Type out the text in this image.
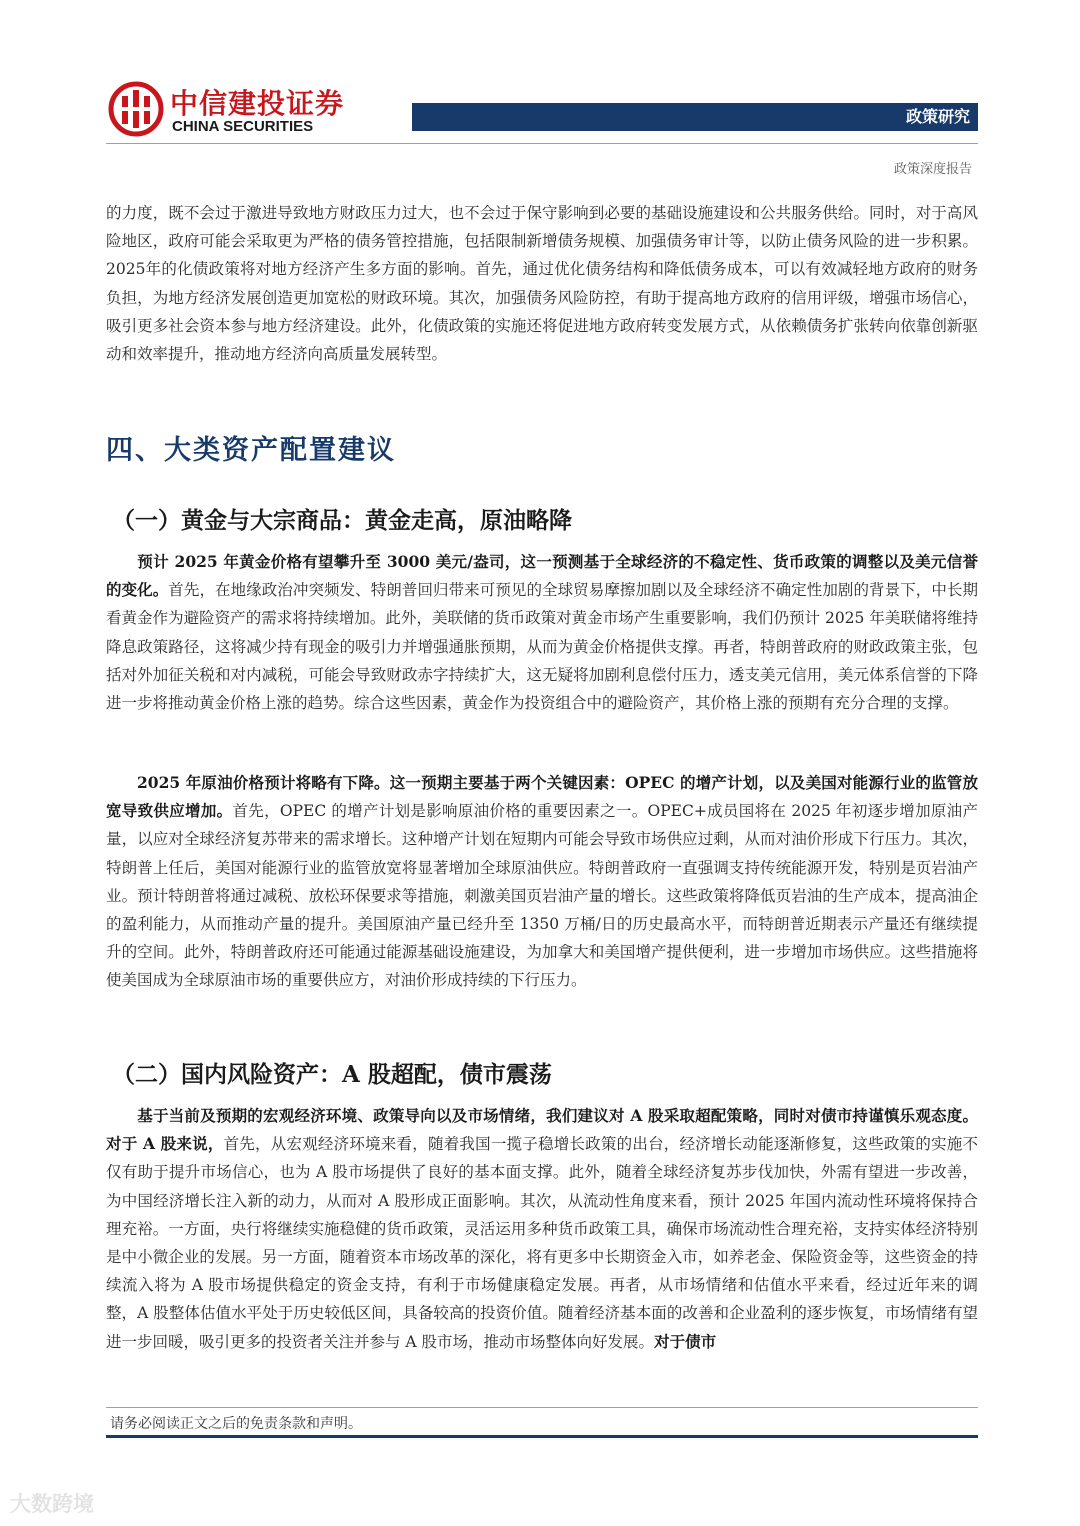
中信建投证券
CHINA SECURITIES
政策研究
政策深度报告

的力度，既不会过于激进导致地方财政压力过大，也不会过于保守影响到必要的基础设施建设和公共服务供给。同时，对于高风险地区，政府可能会采取更为严格的债务管控措施，包括限制新增债务规模、加强债务审计等，以防止债务风险的进一步积累。2025年的化债政策将对地方经济产生多方面的影响。首先，通过优化债务结构和降低债务成本，可以有效减轻地方政府的财务负担，为地方经济发展创造更加宽松的财政环境。其次，加强债务风险防控，有助于提高地方政府的信用评级，增强市场信心，吸引更多社会资本参与地方经济建设。此外，化债政策的实施还将促进地方政府转变发展方式，从依赖债务扩张转向依靠创新驱动和效率提升，推动地方经济向高质量发展转型。

四、大类资产配置建议
（一）黄金与大宗商品：黄金走高，原油略降

预计 2025 年黄金价格有望攀升至 3000 美元/盎司，这一预测基于全球经济的不稳定性、货币政策的调整以及美元信誉的变化。首先，在地缘政治冲突频发、特朗普回归带来可预见的全球贸易摩擦加剧以及全球经济不确定性加剧的背景下，中长期看黄金作为避险资产的需求将持续增加。此外，美联储的货币政策对黄金市场产生重要影响，我们仍预计 2025 年美联储将维持降息政策路径，这将减少持有现金的吸引力并增强通胀预期，从而为黄金价格提供支撑。再者，特朗普政府的财政政策主张，包括对外加征关税和对内减税，可能会导致财政赤字持续扩大，这无疑将加剧利息偿付压力，透支美元信用，美元体系信誉的下降进一步将推动黄金价格上涨的趋势。综合这些因素，黄金作为投资组合中的避险资产，其价格上涨的预期有充分合理的支撑。

2025 年原油价格预计将略有下降。这一预期主要基于两个关键因素：OPEC 的增产计划，以及美国对能源行业的监管放宽导致供应增加。首先，OPEC 的增产计划是影响原油价格的重要因素之一。OPEC+成员国将在 2025 年初逐步增加原油产量，以应对全球经济复苏带来的需求增长。这种增产计划在短期内可能会导致市场供应过剩，从而对油价形成下行压力。其次，特朗普上任后，美国对能源行业的监管放宽将显著增加全球原油供应。特朗普政府一直强调支持传统能源开发，特别是页岩油产业。预计特朗普将通过减税、放松环保要求等措施，刺激美国页岩油产量的增长。这些政策将降低页岩油的生产成本，提高油企的盈利能力，从而推动产量的提升。美国原油产量已经升至 1350 万桶/日的历史最高水平，而特朗普近期表示产量还有继续提升的空间。此外，特朗普政府还可能通过能源基础设施建设，为加拿大和美国增产提供便利，进一步增加市场供应。这些措施将使美国成为全球原油市场的重要供应方，对油价形成持续的下行压力。

（二）国内风险资产：A 股超配，债市震荡

基于当前及预期的宏观经济环境、政策导向以及市场情绪，我们建议对 A 股采取超配策略，同时对债市持谨慎乐观态度。对于 A 股来说，首先，从宏观经济环境来看，随着我国一揽子稳增长政策的出台，经济增长动能逐渐修复，这些政策的实施不仅有助于提升市场信心，也为 A 股市场提供了良好的基本面支撑。此外，随着全球经济复苏步伐加快，外需有望进一步改善，为中国经济增长注入新的动力，从而对 A 股形成正面影响。其次，从流动性角度来看，预计 2025 年国内流动性环境将保持合理充裕。一方面，央行将继续实施稳健的货币政策，灵活运用多种货币政策工具，确保市场流动性合理充裕，支持实体经济特别是中小微企业的发展。另一方面，随着资本市场改革的深化，将有更多中长期资金入市，如养老金、保险资金等，这些资金的持续流入将为 A 股市场提供稳定的资金支持，有利于市场健康稳定发展。再者，从市场情绪和估值水平来看，经过近年来的调整，A 股整体估值水平处于历史较低区间，具备较高的投资价值。随着经济基本面的改善和企业盈利的逐步恢复，市场情绪有望进一步回暖，吸引更多的投资者关注并参与 A 股市场，推动市场整体向好发展。对于债市

请务必阅读正文之后的免责条款和声明。
大数跨境
